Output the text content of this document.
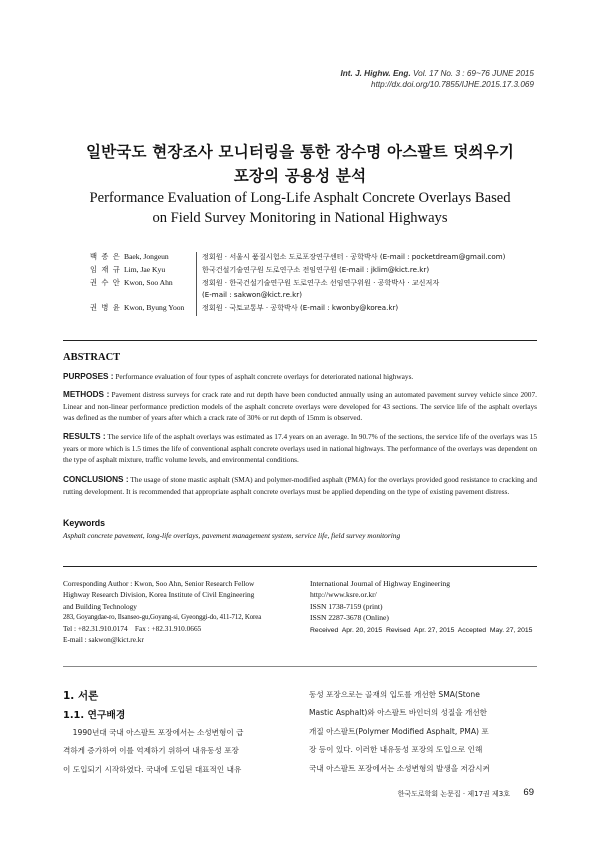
Int. J. Highw. Eng. Vol. 17 No. 3 : 69~76 JUNE 2015
http://dx.doi.org/10.7855/IJHE.2015.17.3.069
일반국도 현장조사 모니터링을 통한 장수명 아스팔트 덧씌우기
포장의 공용성 분석
Performance Evaluation of Long-Life Asphalt Concrete Overlays Based
on Field Survey Monitoring in National Highways
백 종 은 Baek, Jongeun	정회원 · 서울시 품질시험소 도로포장연구센터 · 공학박사 (E-mail : pocketdream@gmail.com)
임 재 규 Lim, Jae Kyu	한국건설기술연구원 도로연구소 전임연구원 (E-mail : jklim@kict.re.kr)
권 수 안 Kwon, Soo Ahn	정회원 · 한국건설기술연구원 도로연구소 선임연구위원 · 공학박사 · 교신저자
(E-mail : sakwon@kict.re.kr)
권 병 윤 Kwon, Byung Yoon 정회원 · 국토교통부 · 공학박사 (E-mail : kwonby@korea.kr)
ABSTRACT
PURPOSES : Performance evaluation of four types of asphalt concrete overlays for deteriorated national highways.
METHODS : Pavement distress surveys for crack rate and rut depth have been conducted annually using an automated pavement survey vehicle since 2007. Linear and non-linear performance prediction models of the asphalt concrete overlays were developed for 43 sections. The service life of the asphalt overlays was defined as the number of years after which a crack rate of 30% or rut depth of 15mm is observed.
RESULTS : The service life of the asphalt overlays was estimated as 17.4 years on an average. In 90.7% of the sections, the service life of the overlays was 15 years or more which is 1.5 times the life of conventional asphalt concrete overlays used in national highways. The performance of the overlays was dependent on the type of asphalt mixture, traffic volume levels, and environmental conditions.
CONCLUSIONS : The usage of stone mastic asphalt (SMA) and polymer-modified asphalt (PMA) for the overlays provided good resistance to cracking and rutting development. It is recommended that appropriate asphalt concrete overlays must be applied depending on the type of existing pavement distress.
Keywords
Asphalt concrete pavement, long-life overlays, pavement management system, service life, field survey monitoring
Corresponding Author : Kwon, Soo Ahn, Senior Research Fellow
Highway Research Division, Korea Institute of Civil Engineering
and Building Technology
283, Goyangdae-ro, Ilsanseo-gu,Goyang-si, Gyeonggi-do, 411-712, Korea
Tel : +82.31.910.0174    Fax : +82.31.910.0665
E-mail : sakwon@kict.re.kr
International Journal of Highway Engineering
http://www.ksre.or.kr/
ISSN 1738-7159 (print)
ISSN 2287-3678 (Online)
Received  Apr. 20, 2015  Revised  Apr. 27, 2015  Accepted  May. 27, 2015
1. 서론
1.1. 연구배경
1990년대 국내 아스팔트 포장에서는 소성변형이 급
격하게 증가하여 이를 억제하기 위하여 내유동성 포장
이 도입되기 시작하였다. 국내에 도입된 대표적인 내유
동성 포장으로는 골재의 입도를 개선한 SMA(Stone
Mastic Asphalt)와 아스팔트 바인더의 성질을 개선한
개질 아스팔트(Polymer Modified Asphalt, PMA) 포
장 등이 있다. 이러한 내유동성 포장의 도입으로 인해
국내 아스팔트 포장에서는 소성변형의 발생을 저감시켜
한국도로학회 논문집 · 제17권 제3호 69
